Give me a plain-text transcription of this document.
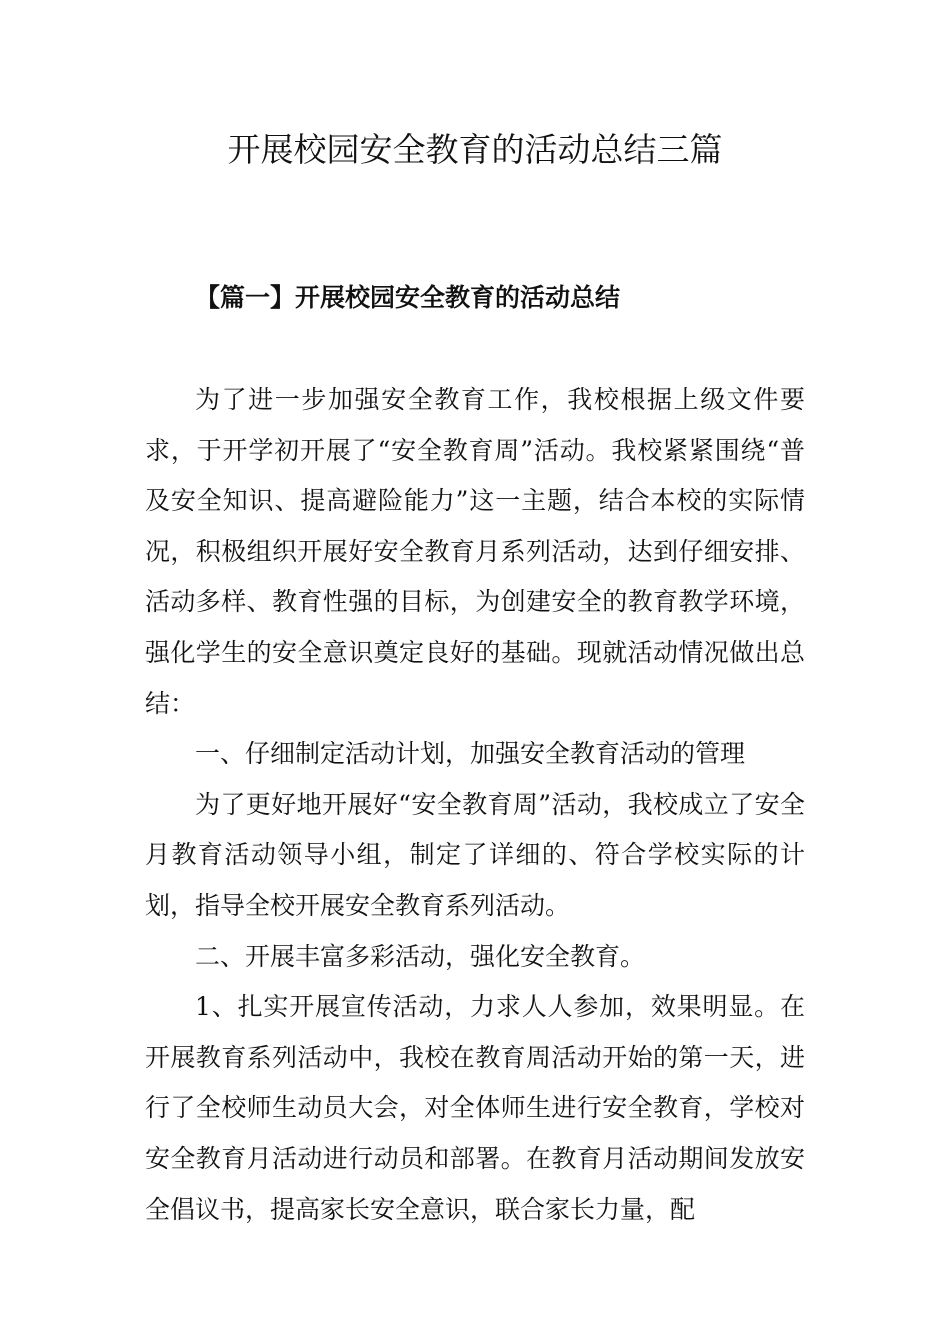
开展校园安全教育的活动总结三篇
【篇一】开展校园安全教育的活动总结

为了进一步加强安全教育工作，我校根据上级文件要求，于开学初开展了“安全教育周”活动。我校紧紧围绕“普及安全知识、提高避险能力”这一主题，结合本校的实际情况，积极组织开展好安全教育月系列活动，达到仔细安排、活动多样、教育性强的目标，为创建安全的教育教学环境，强化学生的安全意识奠定良好的基础。现就活动情况做出总结：

一、仔细制定活动计划，加强安全教育活动的管理

为了更好地开展好“安全教育周”活动，我校成立了安全月教育活动领导小组，制定了详细的、符合学校实际的计划，指导全校开展安全教育系列活动。

二、开展丰富多彩活动，强化安全教育。

1、扎实开展宣传活动，力求人人参加，效果明显。在开展教育系列活动中，我校在教育周活动开始的第一天，进行了全校师生动员大会，对全体师生进行安全教育，学校对安全教育月活动进行动员和部署。在教育月活动期间发放安全倡议书，提高家长安全意识，联合家长力量，配
